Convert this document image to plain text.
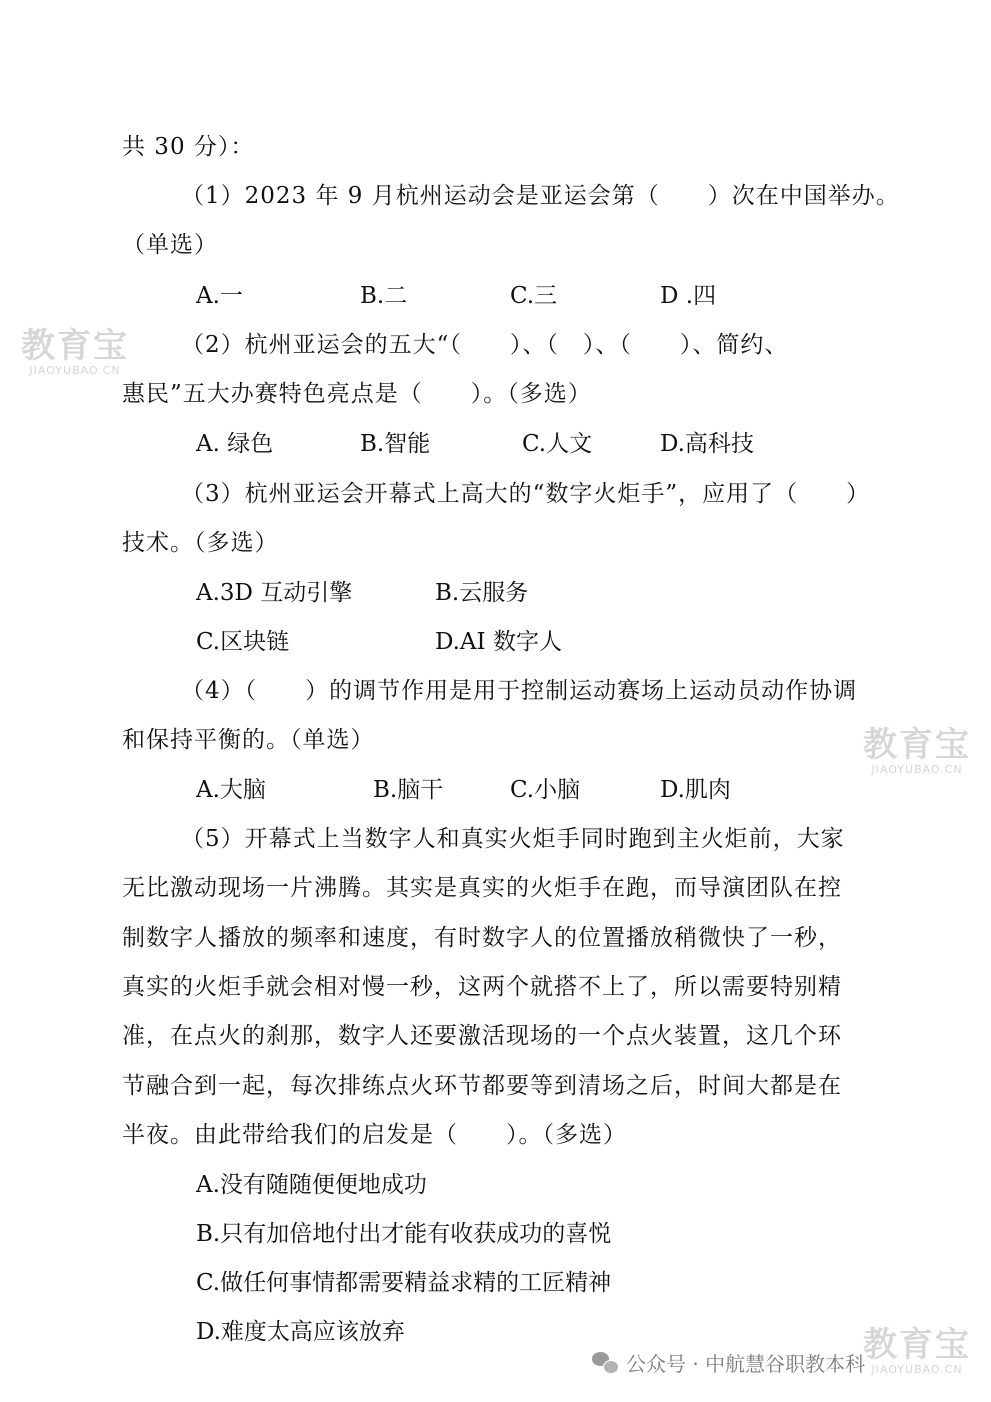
共 30 分）：
（1）2023 年 9 月杭州运动会是亚运会第（　　）次在中国举办。
（单选）
A.一	B.二	C.三	D .四
（2）杭州亚运会的五大“（　　）、（　）、（　　）、简约、
惠民”五大办赛特色亮点是（　　）。（多选）
A. 绿色	B.智能	C.人文	D.高科技
（3）杭州亚运会开幕式上高大的“数字火炬手”，应用了（　　）
技术。（多选）
A.3D 互动引擎	B.云服务
C.区块链	D.AI 数字人
（4）（　　）的调节作用是用于控制运动赛场上运动员动作协调
和保持平衡的。（单选）
A.大脑	B.脑干	C.小脑	D.肌肉
（5）开幕式上当数字人和真实火炬手同时跑到主火炬前，大家
无比激动现场一片沸腾。其实是真实的火炬手在跑，而导演团队在控
制数字人播放的频率和速度，有时数字人的位置播放稍微快了一秒，
真实的火炬手就会相对慢一秒，这两个就搭不上了，所以需要特别精
准，在点火的刹那，数字人还要激活现场的一个点火装置，这几个环
节融合到一起，每次排练点火环节都要等到清场之后，时间大都是在
半夜。由此带给我们的启发是（　　）。（多选）
A.没有随随便便地成功
B.只有加倍地付出才能有收获成功的喜悦
C.做任何事情都需要精益求精的工匠精神
D.难度太高应该放弃
教育宝
JIAOYUBAO.CN
教育宝
JIAOYUBAO.CN
教育宝
JIAOYUBAO.CN
公众号 · 中航慧谷职教本科
